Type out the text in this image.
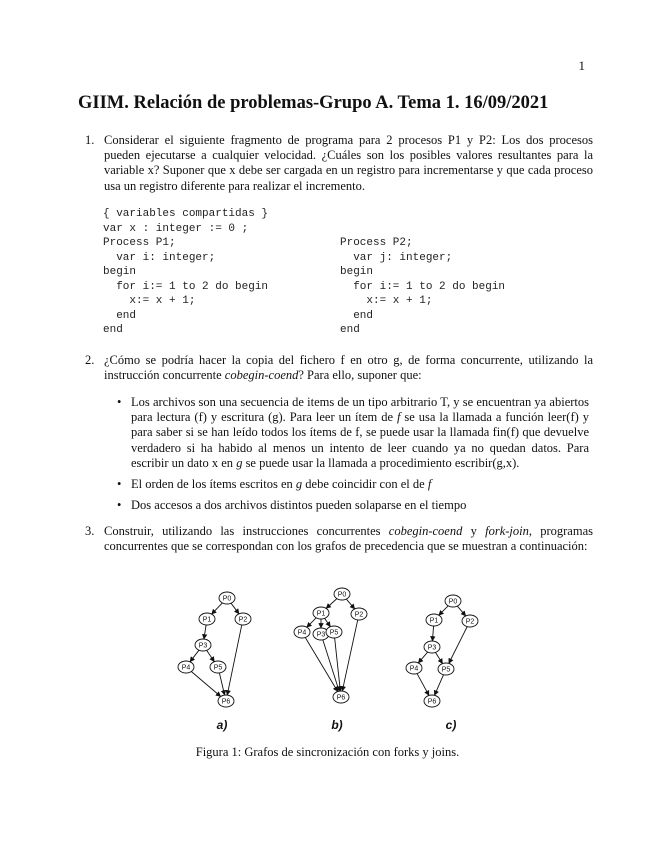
1
GIIM. Relación de problemas-Grupo A. Tema 1. 16/09/2021
1. Considerar el siguiente fragmento de programa para 2 procesos P1 y P2: Los dos procesos pueden ejecutarse a cualquier velocidad. ¿Cuáles son los posibles valores resultantes para la variable x? Suponer que x debe ser cargada en un registro para incrementarse y que cada proceso usa un registro diferente para realizar el incremento.
{ variables compartidas }
var x : integer := 0 ;
Process P1;
var i: integer;
begin
for i:= 1 to 2 do begin
x:= x + 1;
end
end
Process P2;
var j: integer;
begin
for i:= 1 to 2 do begin
x:= x + 1;
end
end
2. ¿Cómo se podría hacer la copia del fichero f en otro g, de forma concurrente, utilizando la instrucción concurrente cobegin-coend? Para ello, suponer que:
• Los archivos son una secuencia de items de un tipo arbitrario T, y se encuentran ya abiertos para lectura (f) y escritura (g). Para leer un ítem de f se usa la llamada a función leer(f) y para saber si se han leído todos los ítems de f, se puede usar la llamada fin(f) que devuelve verdadero si ha habido al menos un intento de leer cuando ya no quedan datos. Para escribir un dato x en g se puede usar la llamada a procedimiento escribir(g,x).
• El orden de los ítems escritos en g debe coincidir con el de f
• Dos accesos a dos archivos distintos pueden solaparse en el tiempo
3. Construir, utilizando las instrucciones concurrentes cobegin-coend y fork-join, programas concurrentes que se correspondan con los grafos de precedencia que se muestran a continuación:
P0
P1	P2
P3
P4	P5
P6
a)
P0
P1	P2
P3
P4	P5
P6
b)
P0
P1	P2
P3
P4	P5
P6
c)
Figura 1: Grafos de sincronización con forks y joins.
